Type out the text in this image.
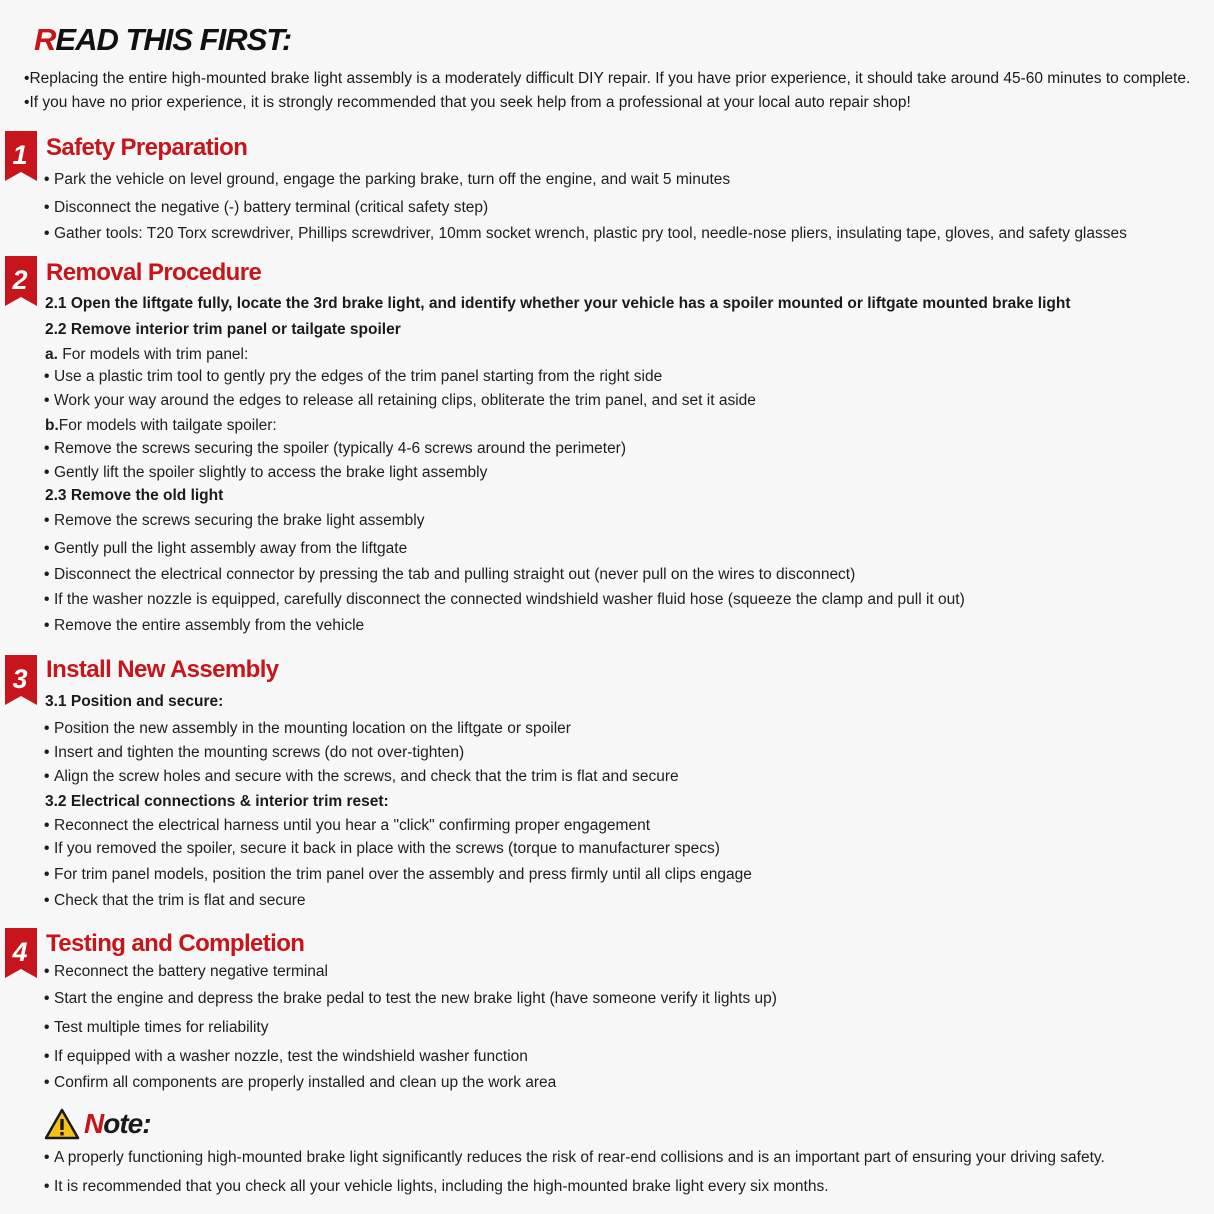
READ THIS FIRST:
•Replacing the entire high-mounted brake light assembly is a moderately difficult DIY repair. If you have prior experience, it should take around 45-60 minutes to complete.
•If you have no prior experience, it is strongly recommended that you seek help from a professional at your local auto repair shop!
1 Safety Preparation
• Park the vehicle on level ground, engage the parking brake, turn off the engine, and wait 5 minutes
• Disconnect the negative (-) battery terminal (critical safety step)
• Gather tools: T20 Torx screwdriver, Phillips screwdriver, 10mm socket wrench, plastic pry tool, needle-nose pliers, insulating tape, gloves, and safety glasses
2 Removal Procedure
2.1 Open the liftgate fully, locate the 3rd brake light, and identify whether your vehicle has a spoiler mounted or liftgate mounted brake light
2.2 Remove interior trim panel or tailgate spoiler
a. For models with trim panel:
• Use a plastic trim tool to gently pry the edges of the trim panel starting from the right side
• Work your way around the edges to release all retaining clips, obliterate the trim panel, and set it aside
b.For models with tailgate spoiler:
• Remove the screws securing the spoiler (typically 4-6 screws around the perimeter)
• Gently lift the spoiler slightly to access the brake light assembly
2.3 Remove the old light
• Remove the screws securing the brake light assembly
• Gently pull the light assembly away from the liftgate
• Disconnect the electrical connector by pressing the tab and pulling straight out (never pull on the wires to disconnect)
• If the washer nozzle is equipped, carefully disconnect the connected windshield washer fluid hose (squeeze the clamp and pull it out)
• Remove the entire assembly from the vehicle
3 Install New Assembly
3.1 Position and secure:
• Position the new assembly in the mounting location on the liftgate or spoiler
• Insert and tighten the mounting screws (do not over-tighten)
• Align the screw holes and secure with the screws, and check that the trim is flat and secure
3.2 Electrical connections & interior trim reset:
• Reconnect the electrical harness until you hear a "click" confirming proper engagement
• If you removed the spoiler, secure it back in place with the screws (torque to manufacturer specs)
• For trim panel models, position the trim panel over the assembly and press firmly until all clips engage
• Check that the trim is flat and secure
4 Testing and Completion
• Reconnect the battery negative terminal
• Start the engine and depress the brake pedal to test the new brake light (have someone verify it lights up)
• Test multiple times for reliability
• If equipped with a washer nozzle, test the windshield washer function
• Confirm all components are properly installed and clean up the work area
Note:
• A properly functioning high-mounted brake light significantly reduces the risk of rear-end collisions and is an important part of ensuring your driving safety.
• It is recommended that you check all your vehicle lights, including the high-mounted brake light every six months.
